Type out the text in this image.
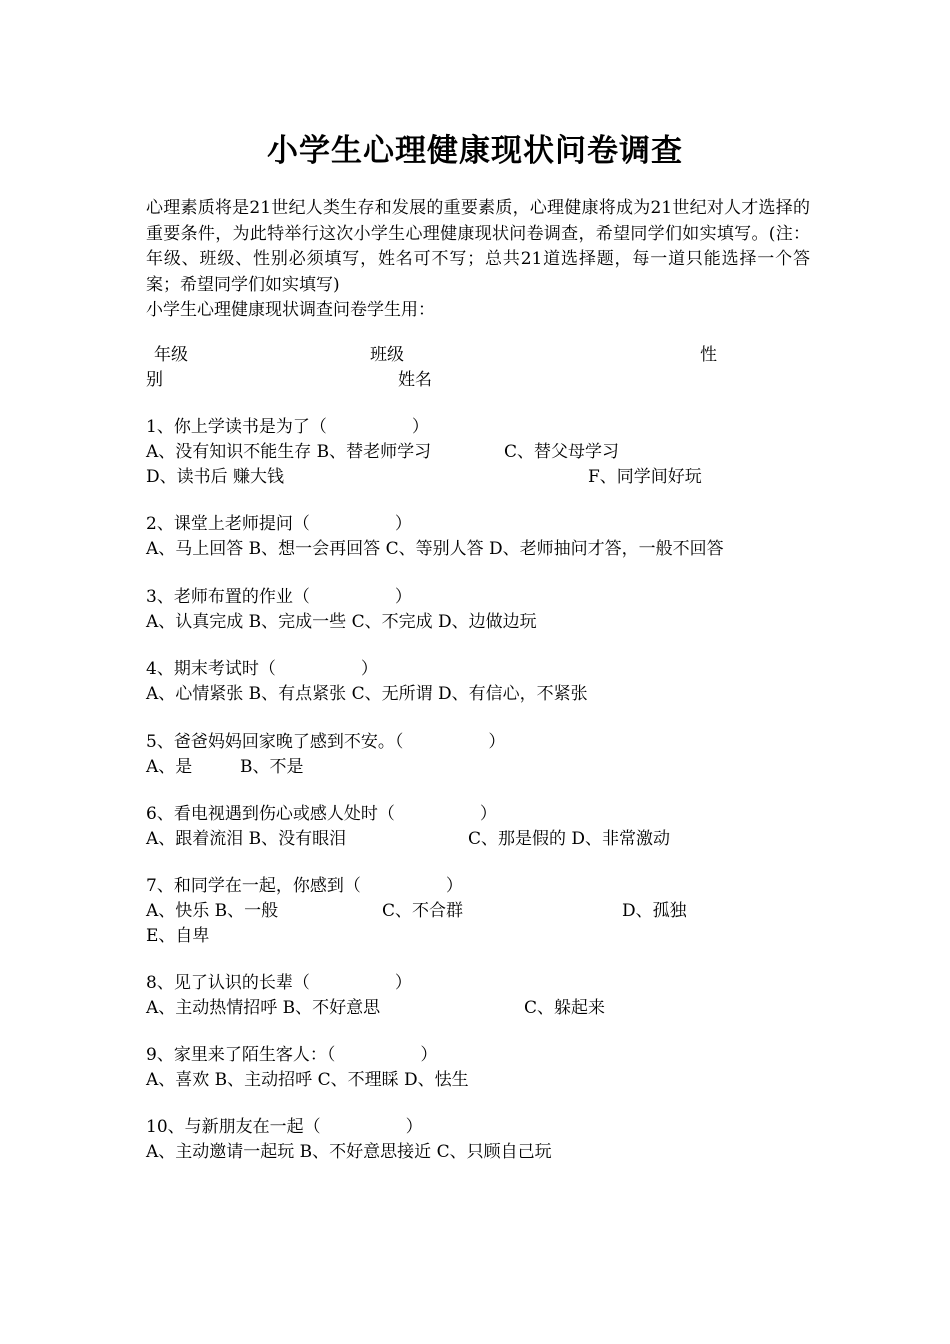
小学生心理健康现状问卷调查

心理素质将是21世纪人类生存和发展的重要素质，心理健康将成为21世纪对人才选择的重要条件，为此特举行这次小学生心理健康现状问卷调查，希望同学们如实填写。(注：年级、班级、性别必须填写，姓名可不写；总共21道选择题，每一道只能选择一个答案；希望同学们如实填写)

小学生心理健康现状调查问卷学生用：

年级	班级	性
别	姓名
1、你上学读书是为了（　　　　　）
A、没有知识不能生存 B、替老师学习	C、替父母学习
D、读书后 赚大钱	F、同学间好玩
2、课堂上老师提问（　　　　　）
A、马上回答 B、想一会再回答 C、等别人答 D、老师抽问才答，一般不回答
3、老师布置的作业（　　　　　）
A、认真完成 B、完成一些 C、不完成 D、边做边玩
4、期末考试时（　　　　　）
A、心情紧张 B、有点紧张 C、无所谓 D、有信心，不紧张
5、爸爸妈妈回家晚了感到不安。（　　　　　）
A、是	B、不是
6、看电视遇到伤心或感人处时（　　　　　）
A、跟着流泪 B、没有眼泪	C、那是假的 D、非常激动
7、和同学在一起，你感到（　　　　　）
A、快乐 B、一般	C、不合群	D、孤独
E、自卑
8、见了认识的长辈（　　　　　）
A、主动热情招呼 B、不好意思	C、躲起来
9、家里来了陌生客人：（　　　　　）
A、喜欢 B、主动招呼 C、不理睬 D、怯生
10、与新朋友在一起（　　　　　）
A、主动邀请一起玩 B、不好意思接近 C、只顾自己玩
